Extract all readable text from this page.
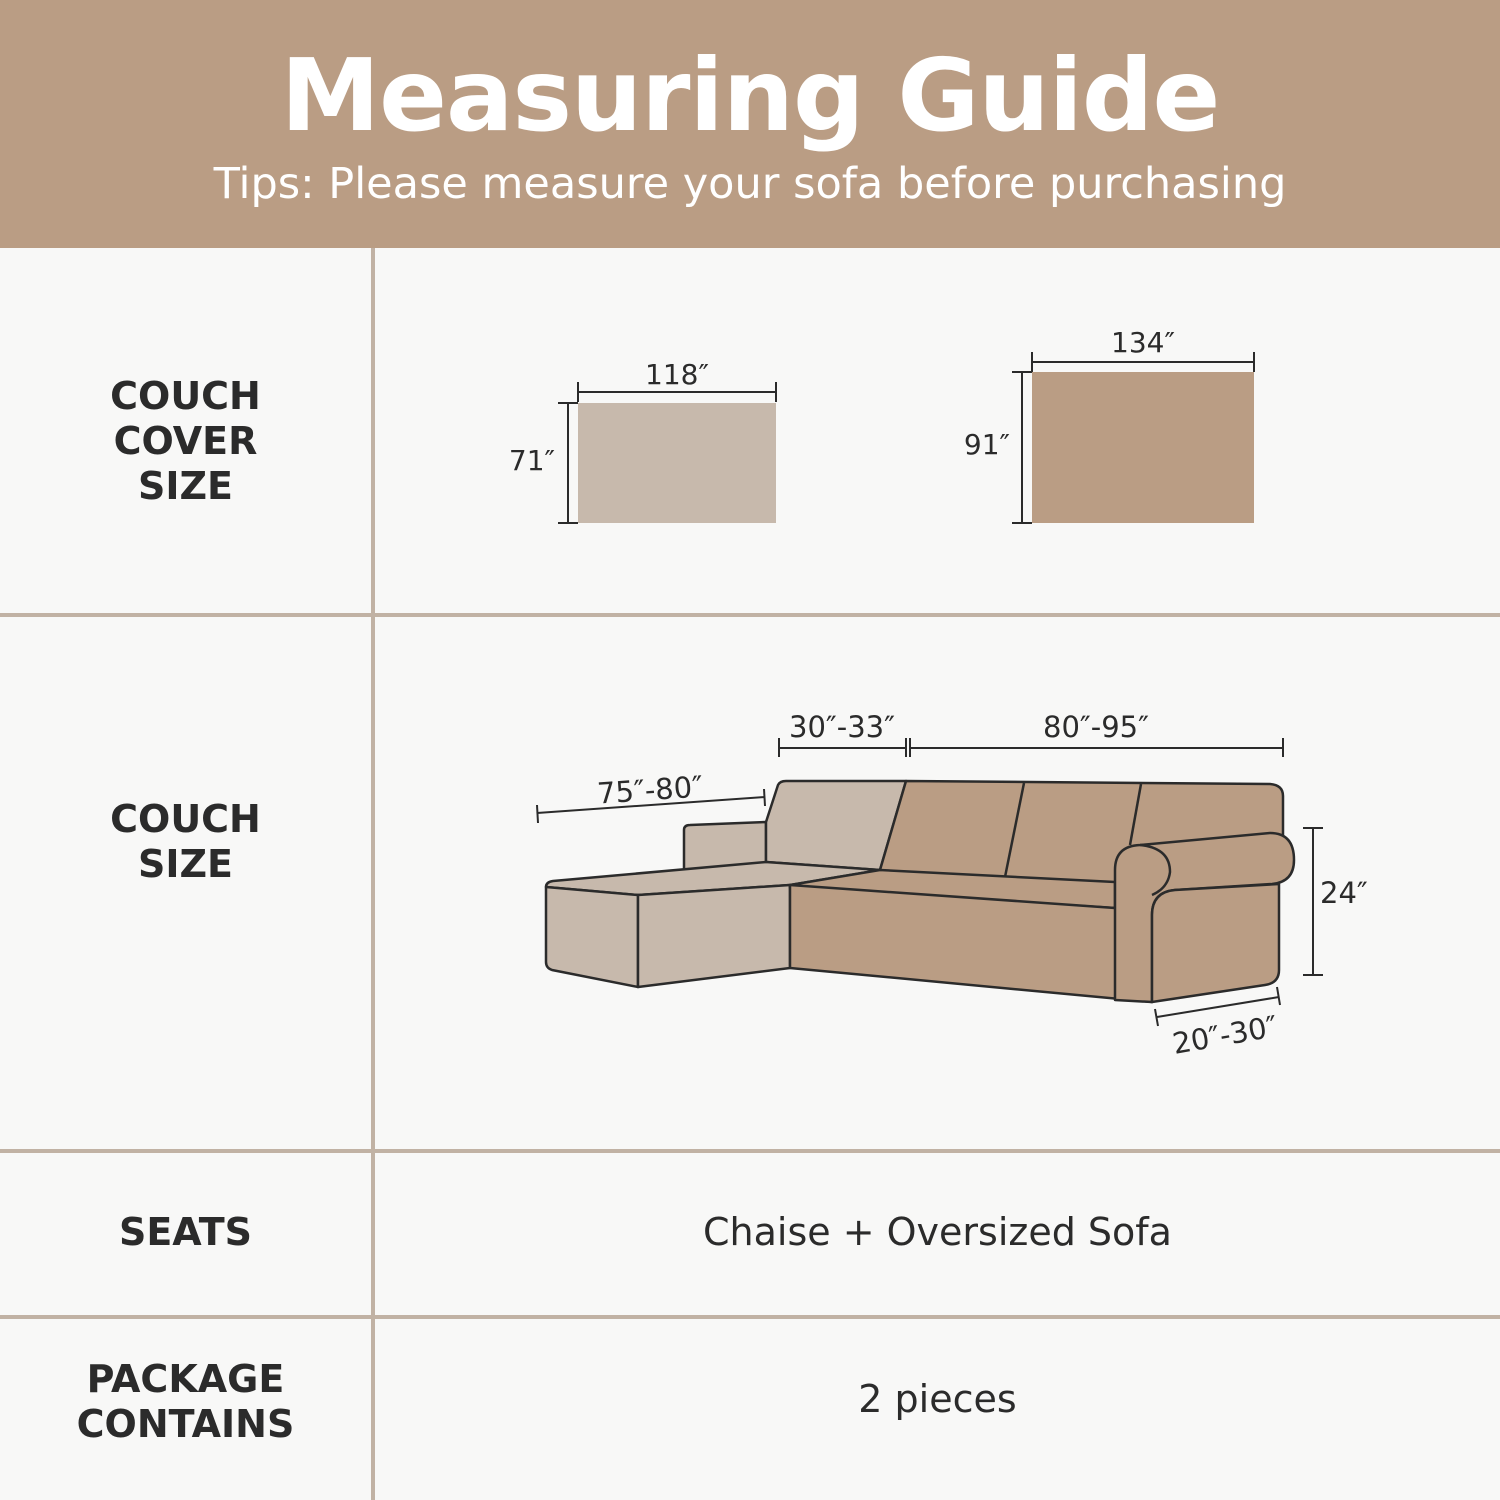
Measuring Guide
Tips: Please measure your sofa before purchasing
COUCH
COVER
SIZE
COUCH
SIZE
SEATS
PACKAGE
CONTAINS
Chaise + Oversized Sofa
2 pieces
118″
71″
134″
91″
75″-80″
30″-33″	80″-95″
24″
20″-30″
